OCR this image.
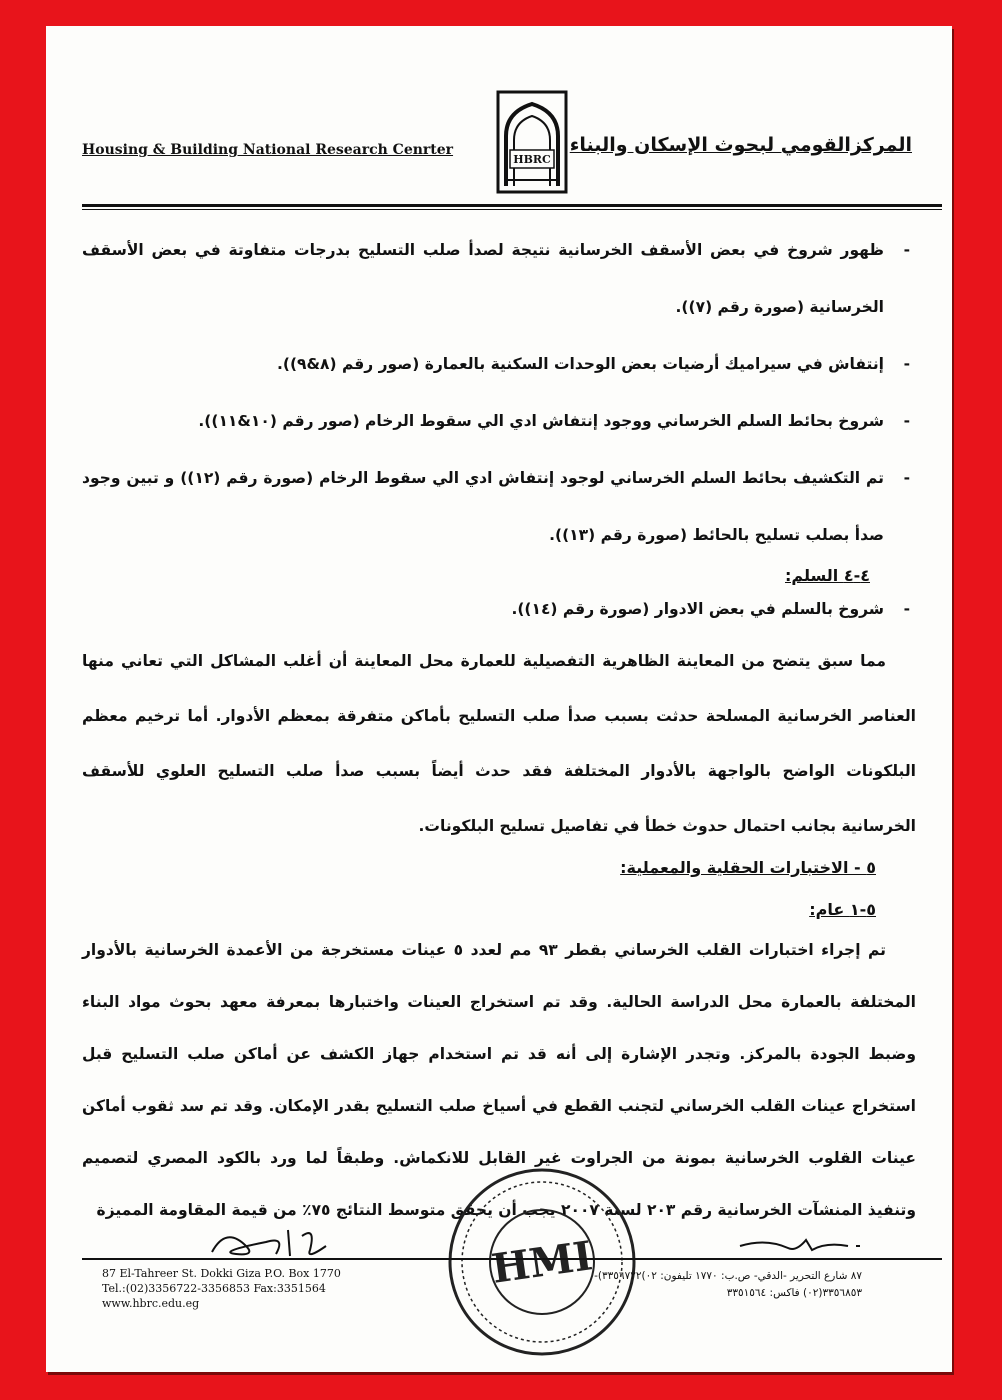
Housing & Building National Research Cenrter
HBRC
المركزالقومي لبحوث الإسكان والبناء
-
ظهور شروخ في بعض الأسقف الخرسانية نتيجة لصدأ صلب التسليح بدرجات متفاوتة في بعض الأسقف الخرسانية (صورة رقم (٧)).
-
إنتفاش في سيراميك أرضيات بعض الوحدات السكنية بالعمارة (صور رقم (٨&٩)).
-
شروخ بحائط السلم الخرساني ووجود إنتفاش ادي الي سقوط الرخام (صور رقم (١٠&١١)).
-
تم التكشيف بحائط السلم الخرساني لوجود إنتفاش ادي الي سقوط الرخام (صورة رقم (١٢)) و تبين وجود صدأ بصلب تسليح بالحائط (صورة رقم (١٣)).
٤-٤ السلم:
-
شروخ بالسلم في بعض الادوار (صورة رقم (١٤)).
مما سبق يتضح من المعاينة الظاهرية التفصيلية للعمارة محل المعاينة أن أغلب المشاكل التي تعاني منها العناصر الخرسانية المسلحة حدثت بسبب صدأ صلب التسليح بأماكن متفرقة بمعظم الأدوار. أما ترخيم معظم البلكونات الواضح بالواجهة بالأدوار المختلفة فقد حدث أيضاً بسبب صدأ صلب التسليح العلوي للأسقف الخرسانية بجانب احتمال حدوث خطأ في تفاصيل تسليح البلكونات.
٥ - الاختبارات الحقلية والمعملية:
٥-١ عام:
تم إجراء اختبارات القلب الخرساني بقطر ٩٣ مم لعدد ٥ عينات مستخرجة من الأعمدة الخرسانية بالأدوار المختلفة بالعمارة محل الدراسة الحالية. وقد تم استخراج العينات واختبارها بمعرفة معهد بحوث مواد البناء وضبط الجودة بالمركز. وتجدر الإشارة إلى أنه قد تم استخدام جهاز الكشف عن أماكن صلب التسليح قبل استخراج عينات القلب الخرساني لتجنب القطع في أسياخ صلب التسليح بقدر الإمكان. وقد تم سد ثقوب أماكن عينات القلوب الخرسانية بمونة من الجراوت غير القابل للانكماش. وطبقاً لما ورد بالكود المصري لتصميم وتنفيذ المنشآت الخرسانية رقم ٢٠٣ لسنة ٢٠٠٧ يجب أن يحقق متوسط النتائج ٧٥٪ من قيمة المقاومة المميزة
HMI
87 El-Tahreer St. Dokki Giza P.O. Box 1770
Tel.:(02)3356722-3356853 Fax:3351564
www.hbrc.edu.eg
٨٧ شارع التحرير -الدقي- ص.ب: ١٧٧٠ تليفون: ٠٢)٣٣٥٦٧٢٢)-
٣٣٥٦٨٥٣(٠٢) فاكس: ٣٣٥١٥٦٤
